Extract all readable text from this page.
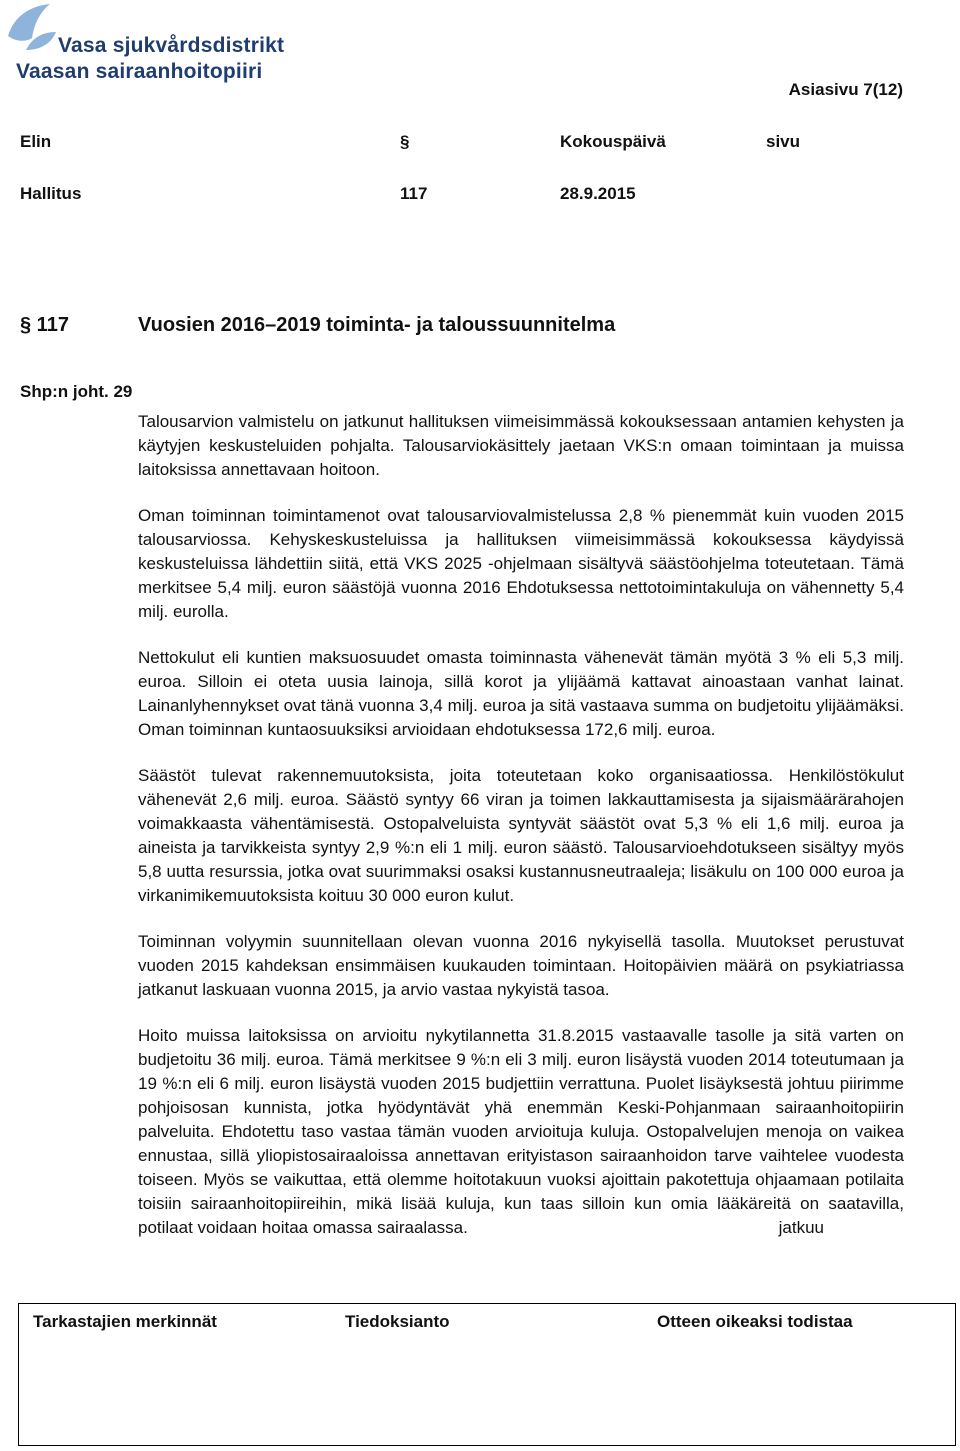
Vasa sjukvårdsdistrikt
Vaasan sairaanhoitopiiri
Asiasivu 7(12)
Elin	§	Kokouspäivä	sivu
Hallitus	117	28.9.2015
§ 117	Vuosien 2016–2019 toiminta- ja taloussuunnitelma
Shp:n joht. 29

Talousarvion valmistelu on jatkunut hallituksen viimeisimmässä kokouksessaan antamien kehysten ja käytyjen keskusteluiden pohjalta. Talousarviokäsittely jaetaan VKS:n omaan toimintaan ja muissa laitoksissa annettavaan hoitoon.

Oman toiminnan toimintamenot ovat talousarviovalmistelussa 2,8 % pienemmät kuin vuoden 2015 talousarviossa. Kehyskeskusteluissa ja hallituksen viimeisimmässä kokouksessa käydyissä keskusteluissa lähdettiin siitä, että VKS 2025 -ohjelmaan sisältyvä säästöohjelma toteutetaan. Tämä merkitsee 5,4 milj. euron säästöjä vuonna 2016 Ehdotuksessa nettotoimintakuluja on vähennetty 5,4 milj. eurolla.

Nettokulut eli kuntien maksuosuudet omasta toiminnasta vähenevät tämän myötä 3 % eli 5,3 milj. euroa. Silloin ei oteta uusia lainoja, sillä korot ja ylijäämä kattavat ainoastaan vanhat lainat. Lainanlyhennykset ovat tänä vuonna 3,4 milj. euroa ja sitä vastaava summa on budjetoitu ylijäämäksi. Oman toiminnan kuntaosuuksiksi arvioidaan ehdotuksessa 172,6 milj. euroa.

Säästöt tulevat rakennemuutoksista, joita toteutetaan koko organisaatiossa. Henkilöstökulut vähenevät 2,6 milj. euroa. Säästö syntyy 66 viran ja toimen lakkauttamisesta ja sijaismäärärahojen voimakkaasta vähentämisestä. Ostopalveluista syntyvät säästöt ovat 5,3 % eli 1,6 milj. euroa ja aineista ja tarvikkeista syntyy 2,9 %:n eli 1 milj. euron säästö. Talousarvioehdotukseen sisältyy myös 5,8 uutta resurssia, jotka ovat suurimmaksi osaksi kustannusneutraaleja; lisäkulu on 100 000 euroa ja virkanimikemuutoksista koituu 30 000 euron kulut.

Toiminnan volyymin suunnitellaan olevan vuonna 2016 nykyisellä tasolla. Muutokset perustuvat vuoden 2015 kahdeksan ensimmäisen kuukauden toimintaan. Hoitopäivien määrä on psykiatriassa jatkanut laskuaan vuonna 2015, ja arvio vastaa nykyistä tasoa.

Hoito muissa laitoksissa on arvioitu nykytilannetta 31.8.2015 vastaavalle tasolle ja sitä varten on budjetoitu 36 milj. euroa. Tämä merkitsee 9 %:n eli 3 milj. euron lisäystä vuoden 2014 toteutumaan ja 19 %:n eli 6 milj. euron lisäystä vuoden 2015 budjettiin verrattuna. Puolet lisäyksestä johtuu piirimme pohjoisosan kunnista, jotka hyödyntävät yhä enemmän Keski-Pohjanmaan sairaanhoitopiirin palveluita. Ehdotettu taso vastaa tämän vuoden arvioituja kuluja. Ostopalvelujen menoja on vaikea ennustaa, sillä yliopistosairaaloissa annettavan erityistason sairaanhoidon tarve vaihtelee vuodesta toiseen. Myös se vaikuttaa, että olemme hoitotakuun vuoksi ajoittain pakotettuja ohjaamaan potilaita toisiin sairaanhoitopiireihin, mikä lisää kuluja, kun taas silloin kun omia lääkäreitä on saatavilla, potilaat voidaan hoitaa omassa sairaalassa.	jatkuu

Tarkastajien merkinnät	Tiedoksianto	Otteen oikeaksi todistaa
